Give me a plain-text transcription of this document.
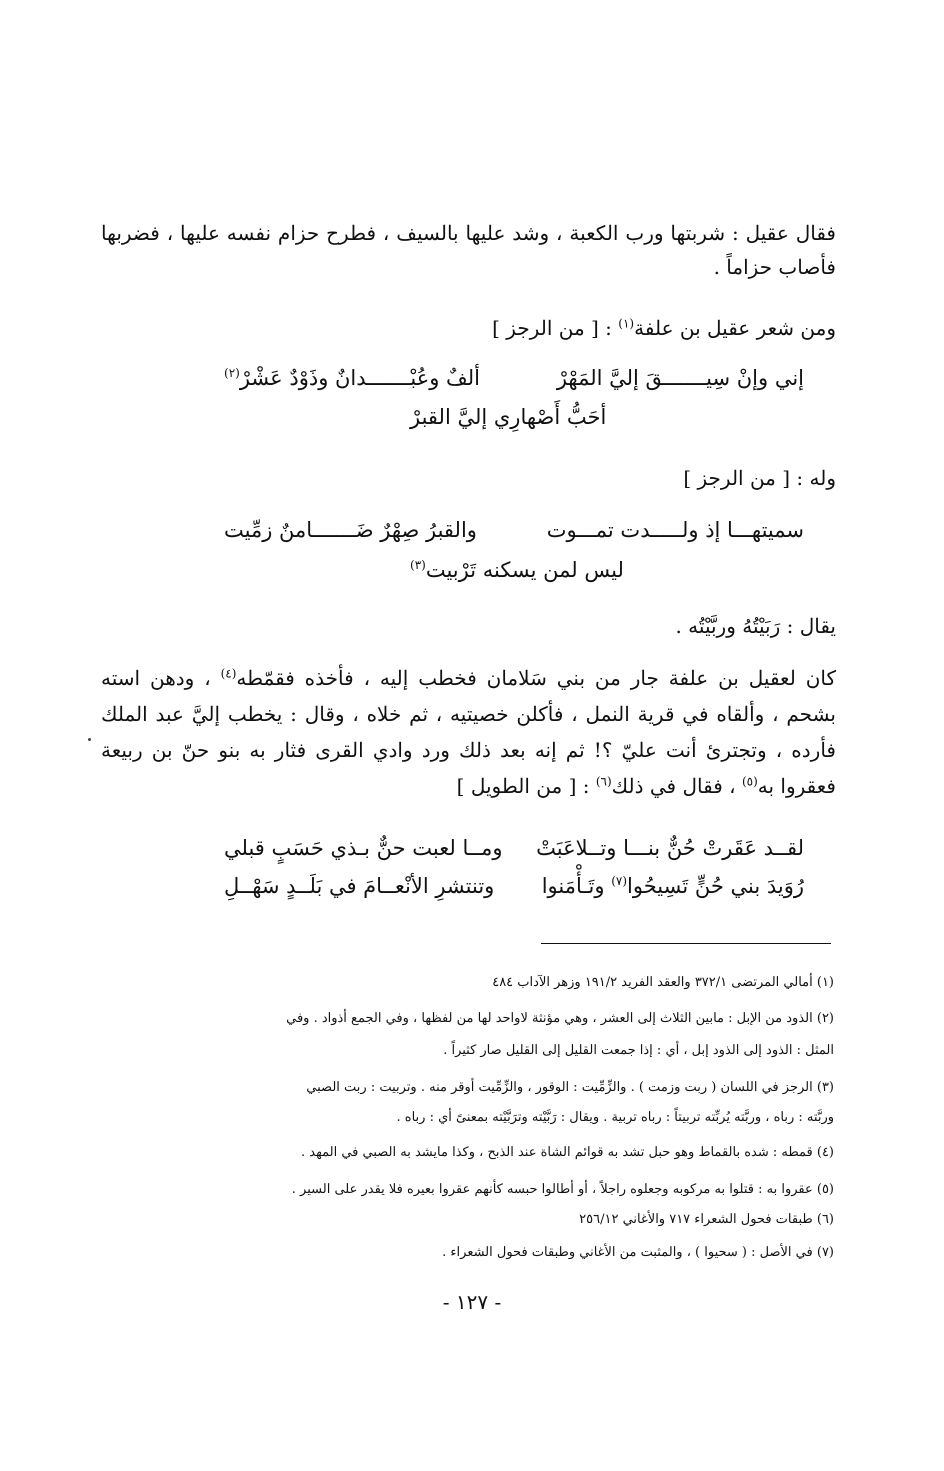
فقال عقيل : شربتها ورب الكعبة ، وشد عليها بالسيف ، فطرح حزام نفسه عليها ، فضربها فأصاب حزاماً .
ومن شعر عقيل بن علفة$^{(١)}$ : [ من الرجز ]
إني وإنْ سِيـــــــقَ إليَّ المَهْرْ
ألفٌ وعُبْـــــــدانٌ وذَوْدٌ عَشْرْ$^{(٢)}$
أحَبُّ أَصْهارِي إليَّ القبرْ
وله : [ من الرجز ]
سميتهـــا إذ ولـــــدت تمـــوت
والقبرُ صِهْرٌ ضَـــــــامنٌ زمِّيت
ليس لمن يسكنه تَرْبيت$^{(٣)}$
يقال : رَبَيْتُهُ وربَّيْتُه .
كان لعقيل بن علفة جار من بني سَلامان فخطب إليه ، فأخذه فقمّطه$^{(٤)}$ ، ودهن استه بشحم ، وألقاه في قرية النمل ، فأكلن خصيتيه ، ثم خلاه ، وقال : يخطب إليَّ عبد الملك فأرده ، وتجترئ أنت عليّ ؟! ثم إنه بعد ذلك ورد وادي القرى فثار به بنو حنّ بن ربيعة فعقروا به$^{(٥)}$ ، فقال في ذلك$^{(٦)}$ : [ من الطويل ]
لقــد عَقَرتْ حُنٌّ بنـــا وتــلاعَبَتْ
ومــا لعبت حنٌّ بـذي حَسَبٍ قبلي
رُوَيدَ بني حُنٍّ تَسِيحُوا$^{(٧)}$ وتَـأْمَنوا
وتنتشرِ الأنْعــامَ في بَلَــدٍ سَهْــلِ
(١) أمالي المرتضى ٣٧٢/١ والعقد الفريد ١٩١/٢ وزهر الآداب ٤٨٤
(٢) الذود من الإبل : مابين الثلاث إلى العشر ، وهي مؤنثة لاواحد لها من لفظها ، وفي الجمع أذواد . وفي
المثل : الذود إلى الذود إبل ، أي : إذا جمعت القليل إلى القليل صار كثيراً .
(٣) الرجز في اللسان ( ربت وزمت ) . والزِّمِّيت : الوقور ، والزِّمِّيت أوقر منه . وتربيت : ربت الصبي
وربَّته : رباه ، وربَّته يُربِّته تربيتاً : رباه تربية . ويقال : رَبَّيْته وترَبَّيْته بمعنىً أي : رباه .
(٤) قمطه : شده بالقماط وهو حبل تشد به قوائم الشاة عند الذبح ، وكذا مايشد به الصبي في المهد .
(٥) عقروا به : قتلوا به مركوبه وجعلوه راجلاً ، أو أطالوا حبسه كأنهم عقروا بعيره فلا يقدر على السير .
(٦) طبقات فحول الشعراء ٧١٧ والأغاني ٢٥٦/١٢
(٧) في الأصل : ( سحيوا ) ، والمثبت من الأغاني وطبقات فحول الشعراء .
- ١٢٧ -
